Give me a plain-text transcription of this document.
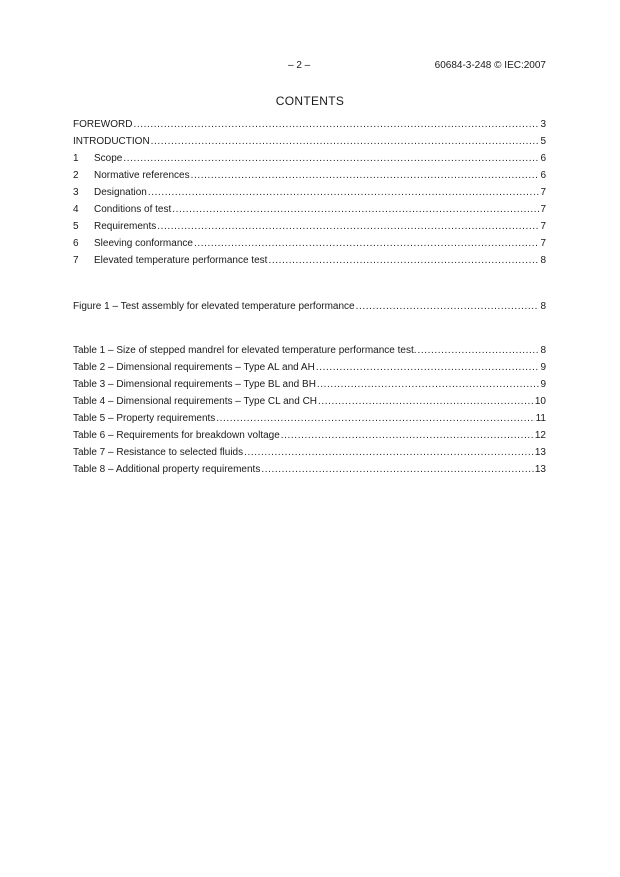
– 2 –	60684-3-248 © IEC:2007
CONTENTS
FOREWORD .....	3
INTRODUCTION .....	5
1	Scope .....	6
2	Normative references .....	6
3	Designation .....	7
4	Conditions of test .....	7
5	Requirements .....	7
6	Sleeving conformance .....	7
7	Elevated temperature performance test .....	8
Figure 1 – Test assembly for elevated temperature performance .....	8
Table 1 – Size of stepped mandrel for elevated temperature performance test. .....	8
Table 2 – Dimensional requirements – Type AL and AH .....	9
Table 3 – Dimensional requirements – Type BL and BH .....	9
Table 4 – Dimensional requirements – Type CL and CH .....	10
Table 5 – Property requirements .....	11
Table 6 – Requirements for breakdown voltage .....	12
Table 7 – Resistance to selected fluids .....	13
Table 8 – Additional property requirements .....	13
